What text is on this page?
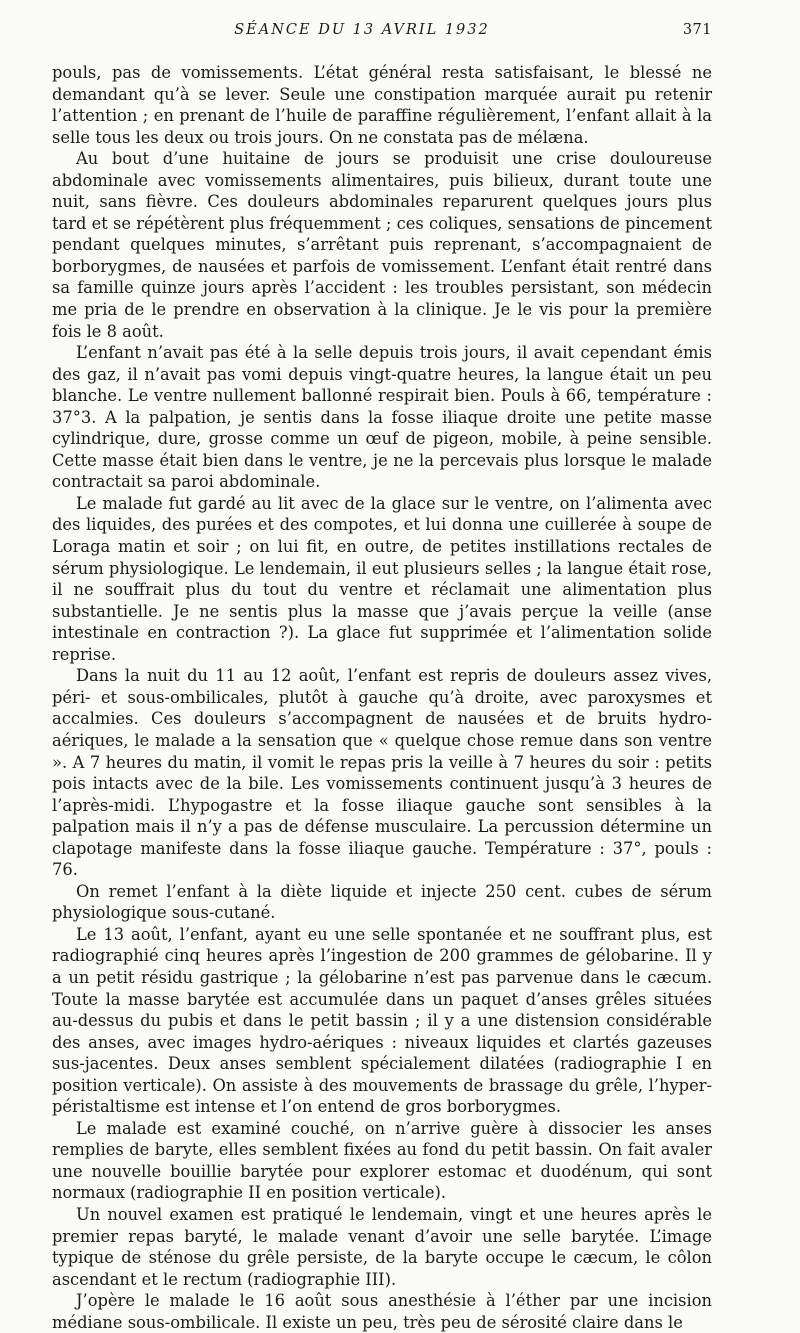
SÉANCE DU 13 AVRIL 1932	371

pouls, pas de vomissements. L’état général resta satisfaisant, le blessé ne demandant qu’à se lever. Seule une constipation marquée aurait pu retenir l’attention ; en prenant de l’huile de paraffine régulièrement, l’enfant allait à la selle tous les deux ou trois jours. On ne constata pas de mélæna.

Au bout d’une huitaine de jours se produisit une crise douloureuse abdominale avec vomissements alimentaires, puis bilieux, durant toute une nuit, sans fièvre. Ces douleurs abdominales reparurent quelques jours plus tard et se répétèrent plus fréquemment ; ces coliques, sensations de pincement pendant quelques minutes, s’arrêtant puis reprenant, s’accompagnaient de borborygmes, de nausées et parfois de vomissement. L’enfant était rentré dans sa famille quinze jours après l’accident : les troubles persistant, son médecin me pria de le prendre en observation à la clinique. Je le vis pour la première fois le 8 août.

L’enfant n’avait pas été à la selle depuis trois jours, il avait cependant émis des gaz, il n’avait pas vomi depuis vingt-quatre heures, la langue était un peu blanche. Le ventre nullement ballonné respirait bien. Pouls à 66, température : 37°3. A la palpation, je sentis dans la fosse iliaque droite une petite masse cylindrique, dure, grosse comme un œuf de pigeon, mobile, à peine sensible. Cette masse était bien dans le ventre, je ne la percevais plus lorsque le malade contractait sa paroi abdominale.

Le malade fut gardé au lit avec de la glace sur le ventre, on l’alimenta avec des liquides, des purées et des compotes, et lui donna une cuillerée à soupe de Loraga matin et soir ; on lui fit, en outre, de petites instillations rectales de sérum physiologique. Le lendemain, il eut plusieurs selles ; la langue était rose, il ne souffrait plus du tout du ventre et réclamait une alimentation plus substantielle. Je ne sentis plus la masse que j’avais perçue la veille (anse intestinale en contraction ?). La glace fut supprimée et l’alimentation solide reprise.

Dans la nuit du 11 au 12 août, l’enfant est repris de douleurs assez vives, péri- et sous-ombilicales, plutôt à gauche qu’à droite, avec paroxysmes et accalmies. Ces douleurs s’accompagnent de nausées et de bruits hydro-aériques, le malade a la sensation que « quelque chose remue dans son ventre ». A 7 heures du matin, il vomit le repas pris la veille à 7 heures du soir : petits pois intacts avec de la bile. Les vomissements continuent jusqu’à 3 heures de l’après-midi. L’hypogastre et la fosse iliaque gauche sont sensibles à la palpation mais il n’y a pas de défense musculaire. La percussion détermine un clapotage manifeste dans la fosse iliaque gauche. Température : 37°, pouls : 76.

On remet l’enfant à la diète liquide et injecte 250 cent. cubes de sérum physiologique sous-cutané.

Le 13 août, l’enfant, ayant eu une selle spontanée et ne souffrant plus, est radiographié cinq heures après l’ingestion de 200 grammes de gélobarine. Il y a un petit résidu gastrique ; la gélobarine n’est pas parvenue dans le cæcum. Toute la masse barytée est accumulée dans un paquet d’anses grêles situées au-dessus du pubis et dans le petit bassin ; il y a une distension considérable des anses, avec images hydro-aériques : niveaux liquides et clartés gazeuses sus-jacentes. Deux anses semblent spécialement dilatées (radiographie I en position verticale). On assiste à des mouvements de brassage du grêle, l’hyper-péristaltisme est intense et l’on entend de gros borborygmes.

Le malade est examiné couché, on n’arrive guère à dissocier les anses remplies de baryte, elles semblent fixées au fond du petit bassin. On fait avaler une nouvelle bouillie barytée pour explorer estomac et duodénum, qui sont normaux (radiographie II en position verticale).

Un nouvel examen est pratiqué le lendemain, vingt et une heures après le premier repas baryté, le malade venant d’avoir une selle barytée. L’image typique de sténose du grêle persiste, de la baryte occupe le cæcum, le côlon ascendant et le rectum (radiographie III).

J’opère le malade le 16 août sous anesthésie à l’éther par une incision médiane sous-ombilicale. Il existe un peu, très peu de sérosité claire dans le
